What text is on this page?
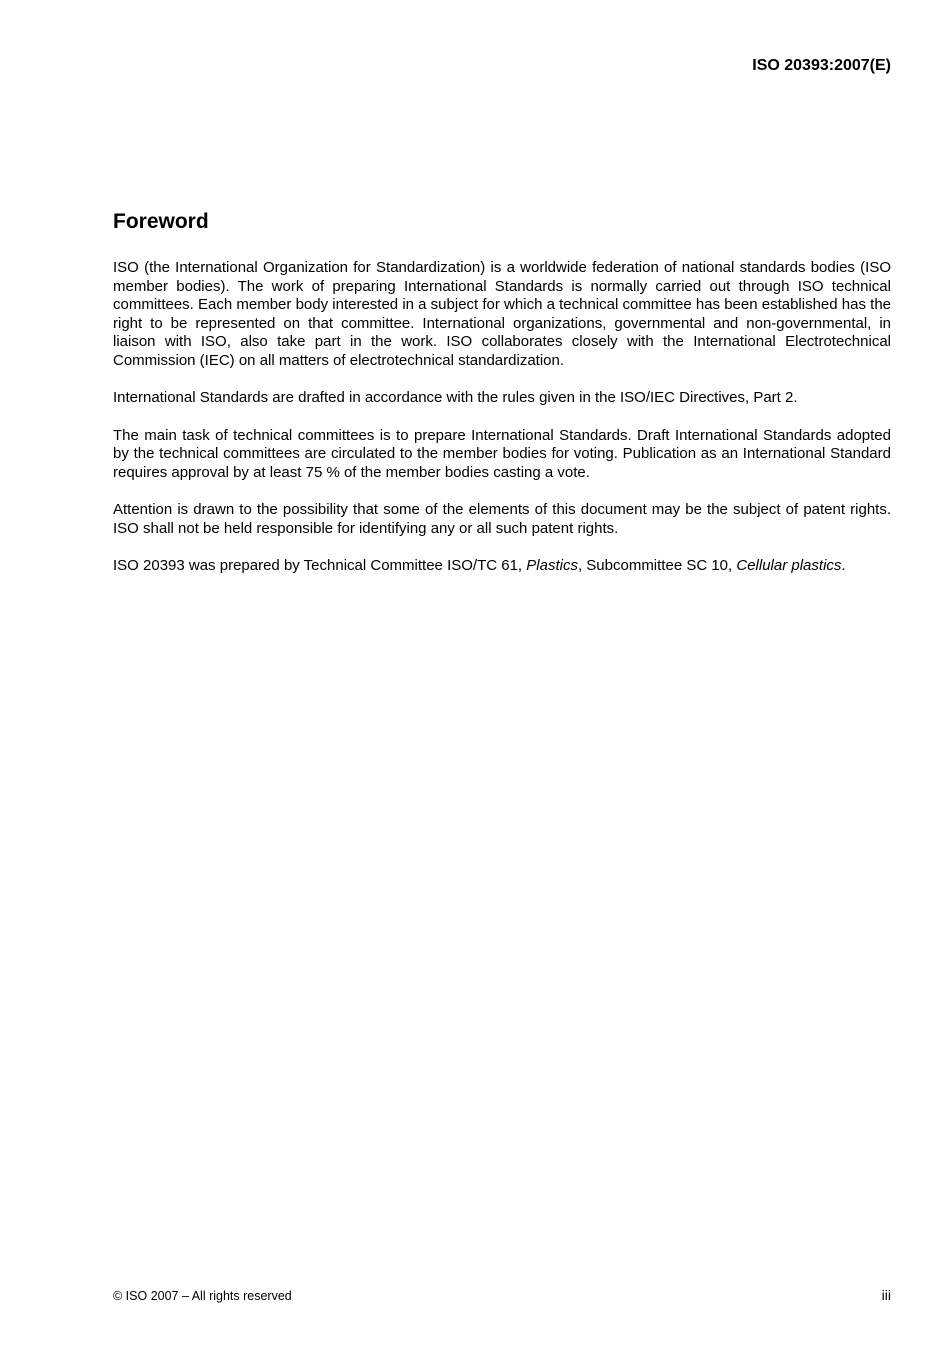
ISO 20393:2007(E)
Foreword

ISO (the International Organization for Standardization) is a worldwide federation of national standards bodies (ISO member bodies). The work of preparing International Standards is normally carried out through ISO technical committees. Each member body interested in a subject for which a technical committee has been established has the right to be represented on that committee. International organizations, governmental and non-governmental, in liaison with ISO, also take part in the work. ISO collaborates closely with the International Electrotechnical Commission (IEC) on all matters of electrotechnical standardization.

International Standards are drafted in accordance with the rules given in the ISO/IEC Directives, Part 2.

The main task of technical committees is to prepare International Standards. Draft International Standards adopted by the technical committees are circulated to the member bodies for voting. Publication as an International Standard requires approval by at least 75 % of the member bodies casting a vote.

Attention is drawn to the possibility that some of the elements of this document may be the subject of patent rights. ISO shall not be held responsible for identifying any or all such patent rights.

ISO 20393 was prepared by Technical Committee ISO/TC 61, Plastics, Subcommittee SC 10, Cellular plastics.

© ISO 2007 – All rights reserved	iii
